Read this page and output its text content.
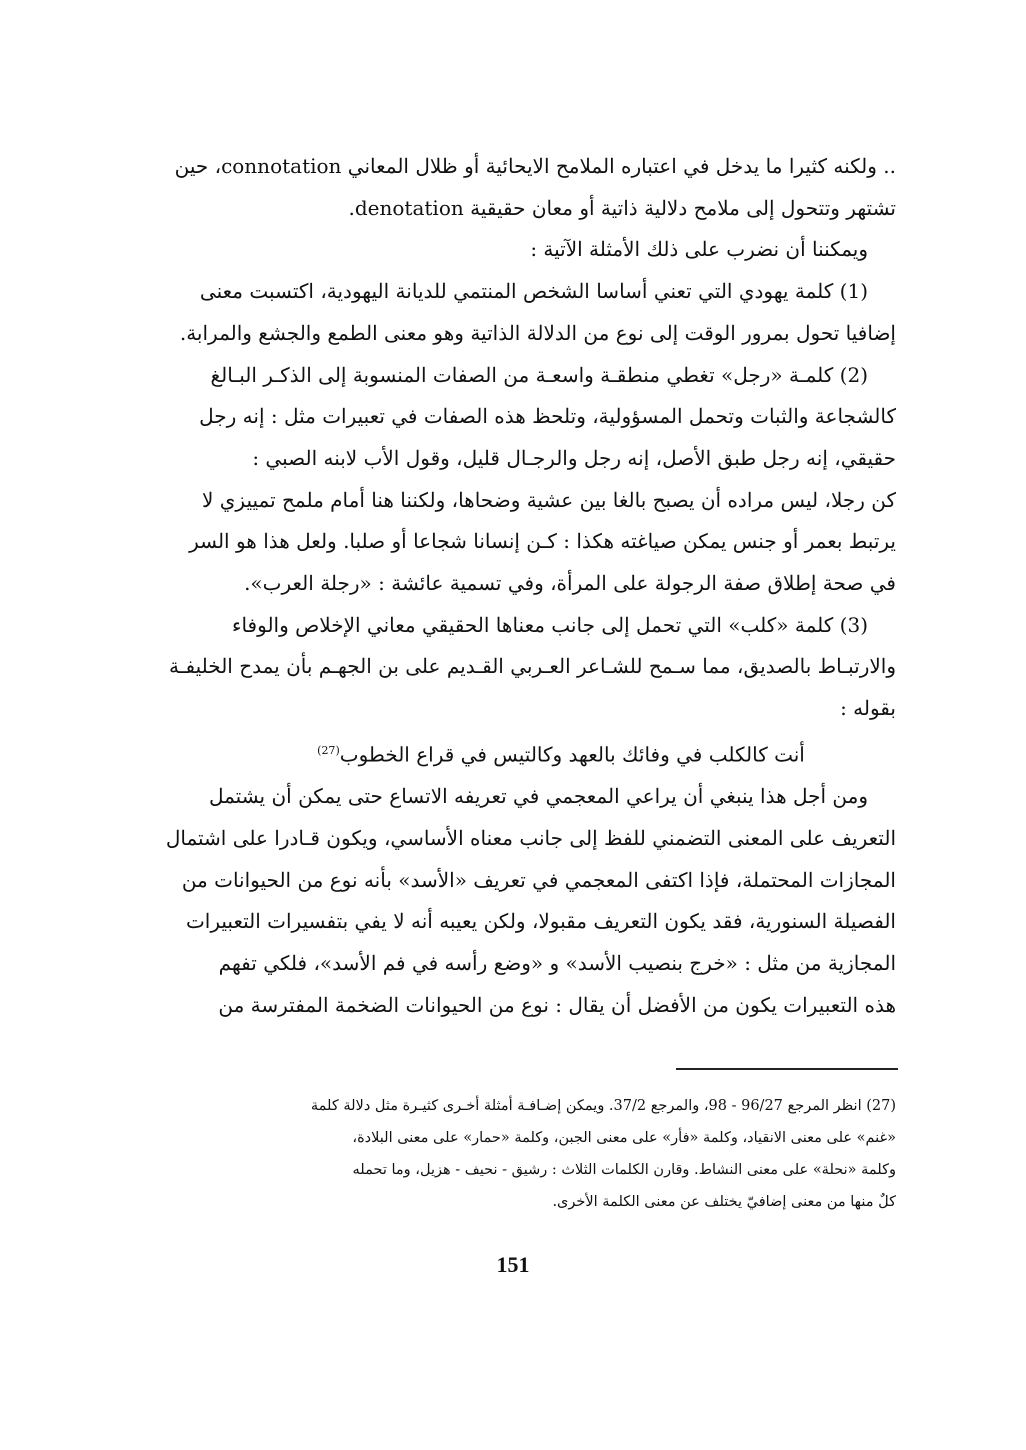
.. ولكنه كثيرا ما يدخل في اعتباره الملامح الايحائية أو ظلال المعاني connotation، حين
تشتهر وتتحول إلى ملامح دلالية ذاتية أو معان حقيقية denotation.
ويمكننا أن نضرب على ذلك الأمثلة الآتية :
(1) كلمة يهودي التي تعني أساسا الشخص المنتمي للديانة اليهودية، اكتسبت معنى
إضافيا تحول بمرور الوقت إلى نوع من الدلالة الذاتية وهو معنى الطمع والجشع والمرابة.
(2) كلمـة «رجل» تغطي منطقـة واسعـة من الصفات المنسوبة إلى الذكـر البـالغ
كالشجاعة والثبات وتحمل المسؤولية، وتلحظ هذه الصفات في تعبيرات مثل : إنه رجل
حقيقي، إنه رجل طبق الأصل، إنه رجل والرجـال قليل، وقول الأب لابنه الصبي :
كن رجلا، ليس مراده أن يصبح بالغا بين عشية وضحاها، ولكننا هنا أمام ملمح تمييزي لا
يرتبط بعمر أو جنس يمكن صياغته هكذا : كـن إنسانا شجاعا أو صلبا. ولعل هذا هو السر
في صحة إطلاق صفة الرجولة على المرأة، وفي تسمية عائشة : «رجلة العرب».
(3) كلمة «كلب» التي تحمل إلى جانب معناها الحقيقي معاني الإخلاص والوفاء
والارتبـاط بالصديق، مما سـمح للشـاعر العـربي القـديم على بن الجهـم بأن يمدح الخليفـة
بقوله :
أنت كالكلب في وفائك بالعهد وكالتيس في قراع الخطوب$^{(27)}$
ومن أجل هذا ينبغي أن يراعي المعجمي في تعريفه الاتساع حتى يمكن أن يشتمل
التعريف على المعنى التضمني للفظ إلى جانب معناه الأساسي، ويكون قـادرا على اشتمال
المجازات المحتملة، فإذا اكتفى المعجمي في تعريف «الأسد» بأنه نوع من الحيوانات من
الفصيلة السنورية، فقد يكون التعريف مقبولا، ولكن يعيبه أنه لا يفي بتفسيرات التعبيرات
المجازية من مثل : «خرج بنصيب الأسد» و «وضع رأسه في فم الأسد»، فلكي تفهم
هذه التعبيرات يكون من الأفضل أن يقال : نوع من الحيوانات الضخمة المفترسة من
(27) انظر المرجع 96/27 - 98، والمرجع 37/2. ويمكن إضـافـة أمثلة أخـرى كثيـرة مثل دلالة كلمة
«غنم» على معنى الانقياد، وكلمة «فأر» على معنى الجبن، وكلمة «حمار» على معنى البلادة،
وكلمة «نحلة» على معنى النشاط. وقارن الكلمات الثلاث : رشيق - نحيف - هزيل، وما تحمله
كلٌ منها من معنى إضافيّ يختلف عن معنى الكلمة الأخرى.
151
